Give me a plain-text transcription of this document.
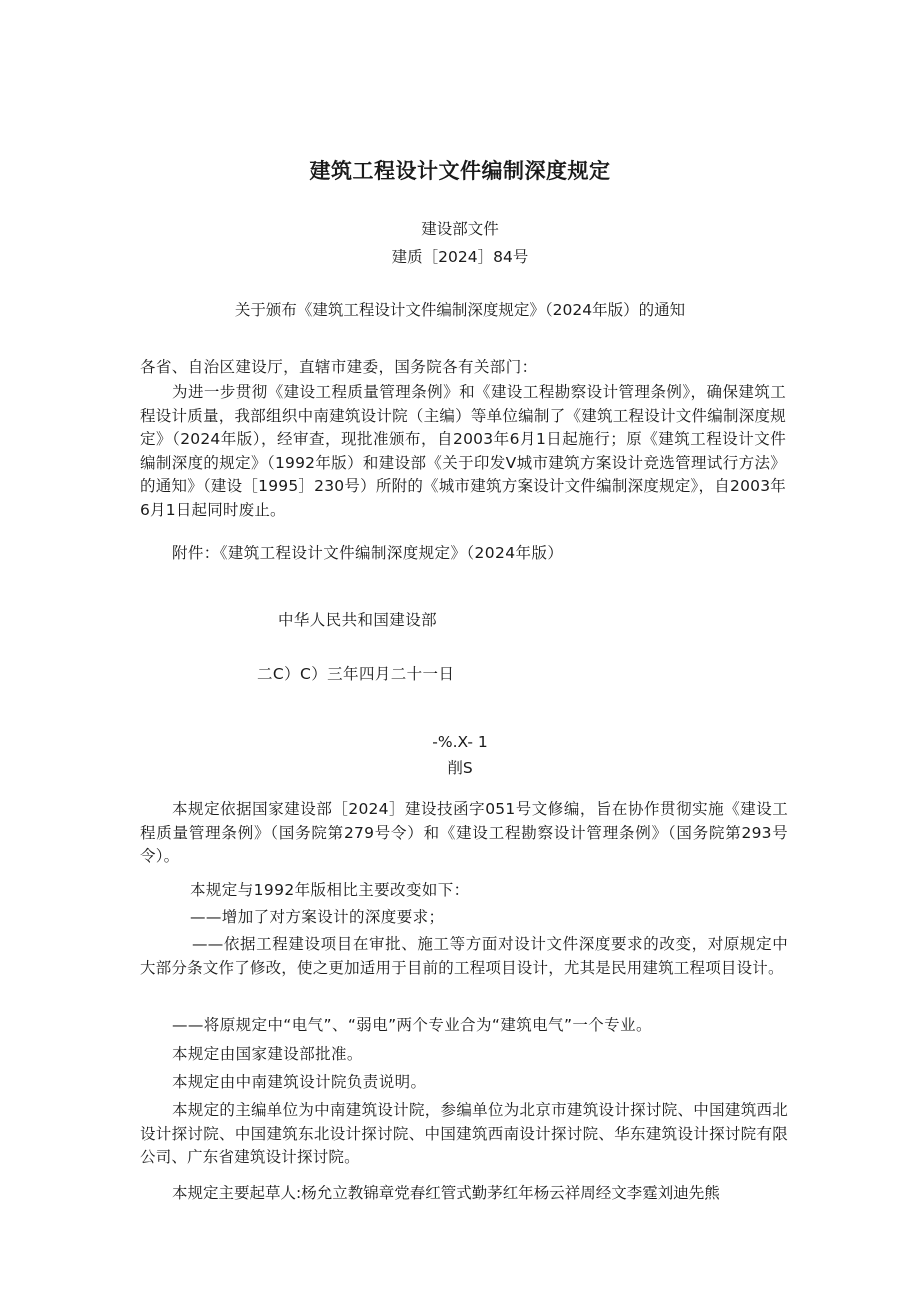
建筑工程设计文件编制深度规定
建设部文件
建质［2024］84号
关于颁布《建筑工程设计文件编制深度规定》（2024年版）的通知
各省、自治区建设厅，直辖市建委，国务院各有关部门：

为进一步贯彻《建设工程质量管理条例》和《建设工程勘察设计管理条例》，确保建筑工程设计质量，我部组织中南建筑设计院（主编）等单位编制了《建筑工程设计文件编制深度规定》（2024年版），经审查，现批准颁布，自2003年6月1日起施行；原《建筑工程设计文件编制深度的规定》（1992年版）和建设部《关于印发V城市建筑方案设计竞选管理试行方法》的通知》（建设［1995］230号）所附的《城市建筑方案设计文件编制深度规定》，自2003年6月1日起同时废止。

附件：《建筑工程设计文件编制深度规定》（2024年版）
中华人民共和国建设部
二C）C）三年四月二十一日
-%.X- 1
削S

本规定依据国家建设部［2024］建设技函字051号文修编，旨在协作贯彻实施《建设工程质量管理条例》（国务院第279号令）和《建设工程勘察设计管理条例》（国务院第293号令）。

本规定与1992年版相比主要改变如下：
——增加了对方案设计的深度要求；

——依据工程建设项目在审批、施工等方面对设计文件深度要求的改变，对原规定中大部分条文作了修改，使之更加适用于目前的工程项目设计，尤其是民用建筑工程项目设计。

——将原规定中“电气”、“弱电”两个专业合为“建筑电气”一个专业。
本规定由国家建设部批准。
本规定由中南建筑设计院负责说明。

本规定的主编单位为中南建筑设计院，参编单位为北京市建筑设计探讨院、中国建筑西北设计探讨院、中国建筑东北设计探讨院、中国建筑西南设计探讨院、华东建筑设计探讨院有限公司、广东省建筑设计探讨院。

本规定主要起草人:杨允立教锦章党春红管式勤茅红年杨云祥周经文李霆刘迪先熊
